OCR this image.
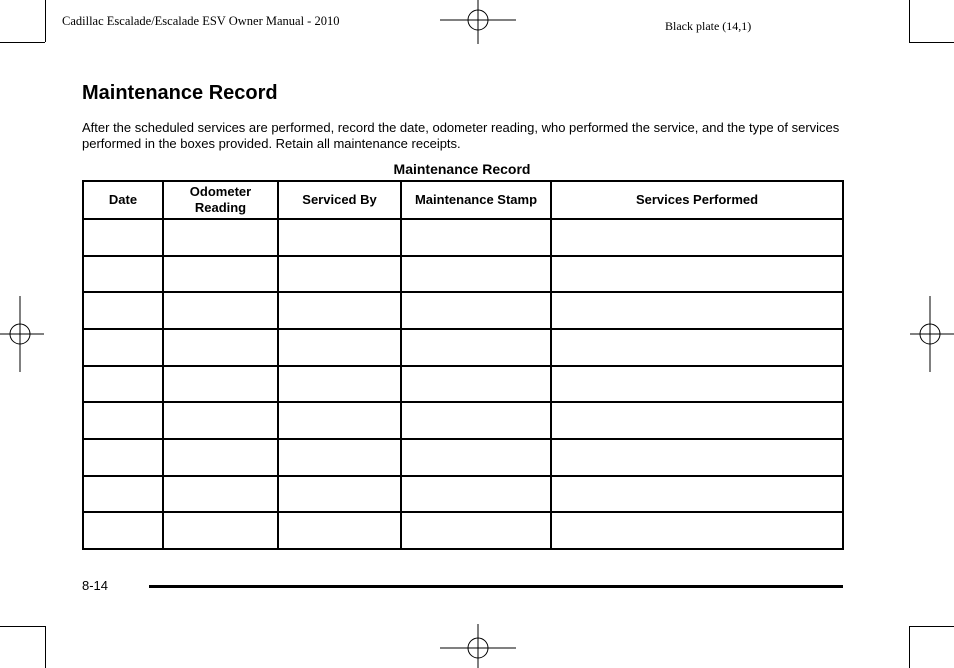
Cadillac Escalade/Escalade ESV Owner Manual - 2010	Black plate (14,1)
Maintenance Record

After the scheduled services are performed, record the date, odometer reading, who performed the service, and the type of services performed in the boxes provided. Retain all maintenance receipts.

Maintenance Record
Date	Odometer Reading	Serviced By	Maintenance Stamp	Services Performed

8-14
